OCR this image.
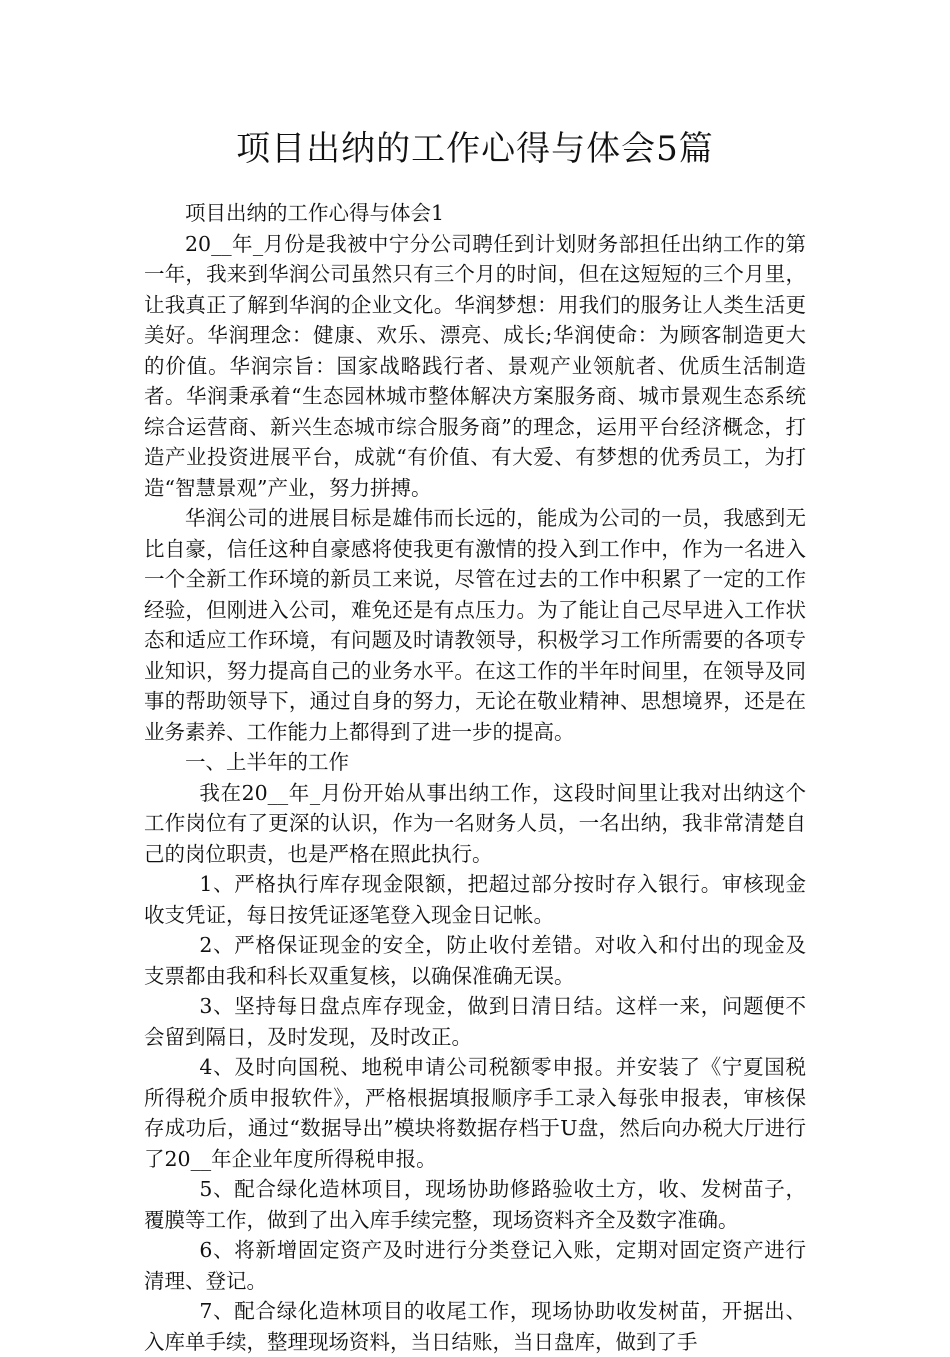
项目出纳的工作心得与体会5篇

项目出纳的工作心得与体会1

20__年_月份是我被中宁分公司聘任到计划财务部担任出纳工作的第一年，我来到华润公司虽然只有三个月的时间，但在这短短的三个月里，让我真正了解到华润的企业文化。华润梦想：用我们的服务让人类生活更美好。华润理念：健康、欢乐、漂亮、成长;华润使命：为顾客制造更大的价值。华润宗旨：国家战略践行者、景观产业领航者、优质生活制造者。华润秉承着“生态园林城市整体解决方案服务商、城市景观生态系统综合运营商、新兴生态城市综合服务商”的理念，运用平台经济概念，打造产业投资进展平台，成就“有价值、有大爱、有梦想的优秀员工，为打造“智慧景观”产业，努力拼搏。

华润公司的进展目标是雄伟而长远的，能成为公司的一员，我感到无比自豪，信任这种自豪感将使我更有激情的投入到工作中，作为一名进入一个全新工作环境的新员工来说，尽管在过去的工作中积累了一定的工作经验，但刚进入公司，难免还是有点压力。为了能让自己尽早进入工作状态和适应工作环境，有问题及时请教领导，积极学习工作所需要的各项专业知识，努力提高自己的业务水平。在这工作的半年时间里，在领导及同事的帮助领导下，通过自身的努力，无论在敬业精神、思想境界，还是在业务素养、工作能力上都得到了进一步的提高。

一、上半年的工作

我在20__年_月份开始从事出纳工作，这段时间里让我对出纳这个工作岗位有了更深的认识，作为一名财务人员，一名出纳，我非常清楚自己的岗位职责，也是严格在照此执行。

1、严格执行库存现金限额，把超过部分按时存入银行。审核现金收支凭证，每日按凭证逐笔登入现金日记帐。

2、严格保证现金的安全，防止收付差错。对收入和付出的现金及支票都由我和科长双重复核，以确保准确无误。

3、坚持每日盘点库存现金，做到日清日结。这样一来，问题便不会留到隔日，及时发现，及时改正。

4、及时向国税、地税申请公司税额零申报。并安装了《宁夏国税所得税介质申报软件》，严格根据填报顺序手工录入每张申报表，审核保存成功后，通过“数据导出”模块将数据存档于U盘，然后向办税大厅进行了20__年企业年度所得税申报。

5、配合绿化造林项目，现场协助修路验收土方，收、发树苗子，覆膜等工作，做到了出入库手续完整，现场资料齐全及数字准确。

6、将新增固定资产及时进行分类登记入账，定期对固定资产进行清理、登记。

7、配合绿化造林项目的收尾工作，现场协助收发树苗，开据出、入库单手续，整理现场资料，当日结账，当日盘库，做到了手
